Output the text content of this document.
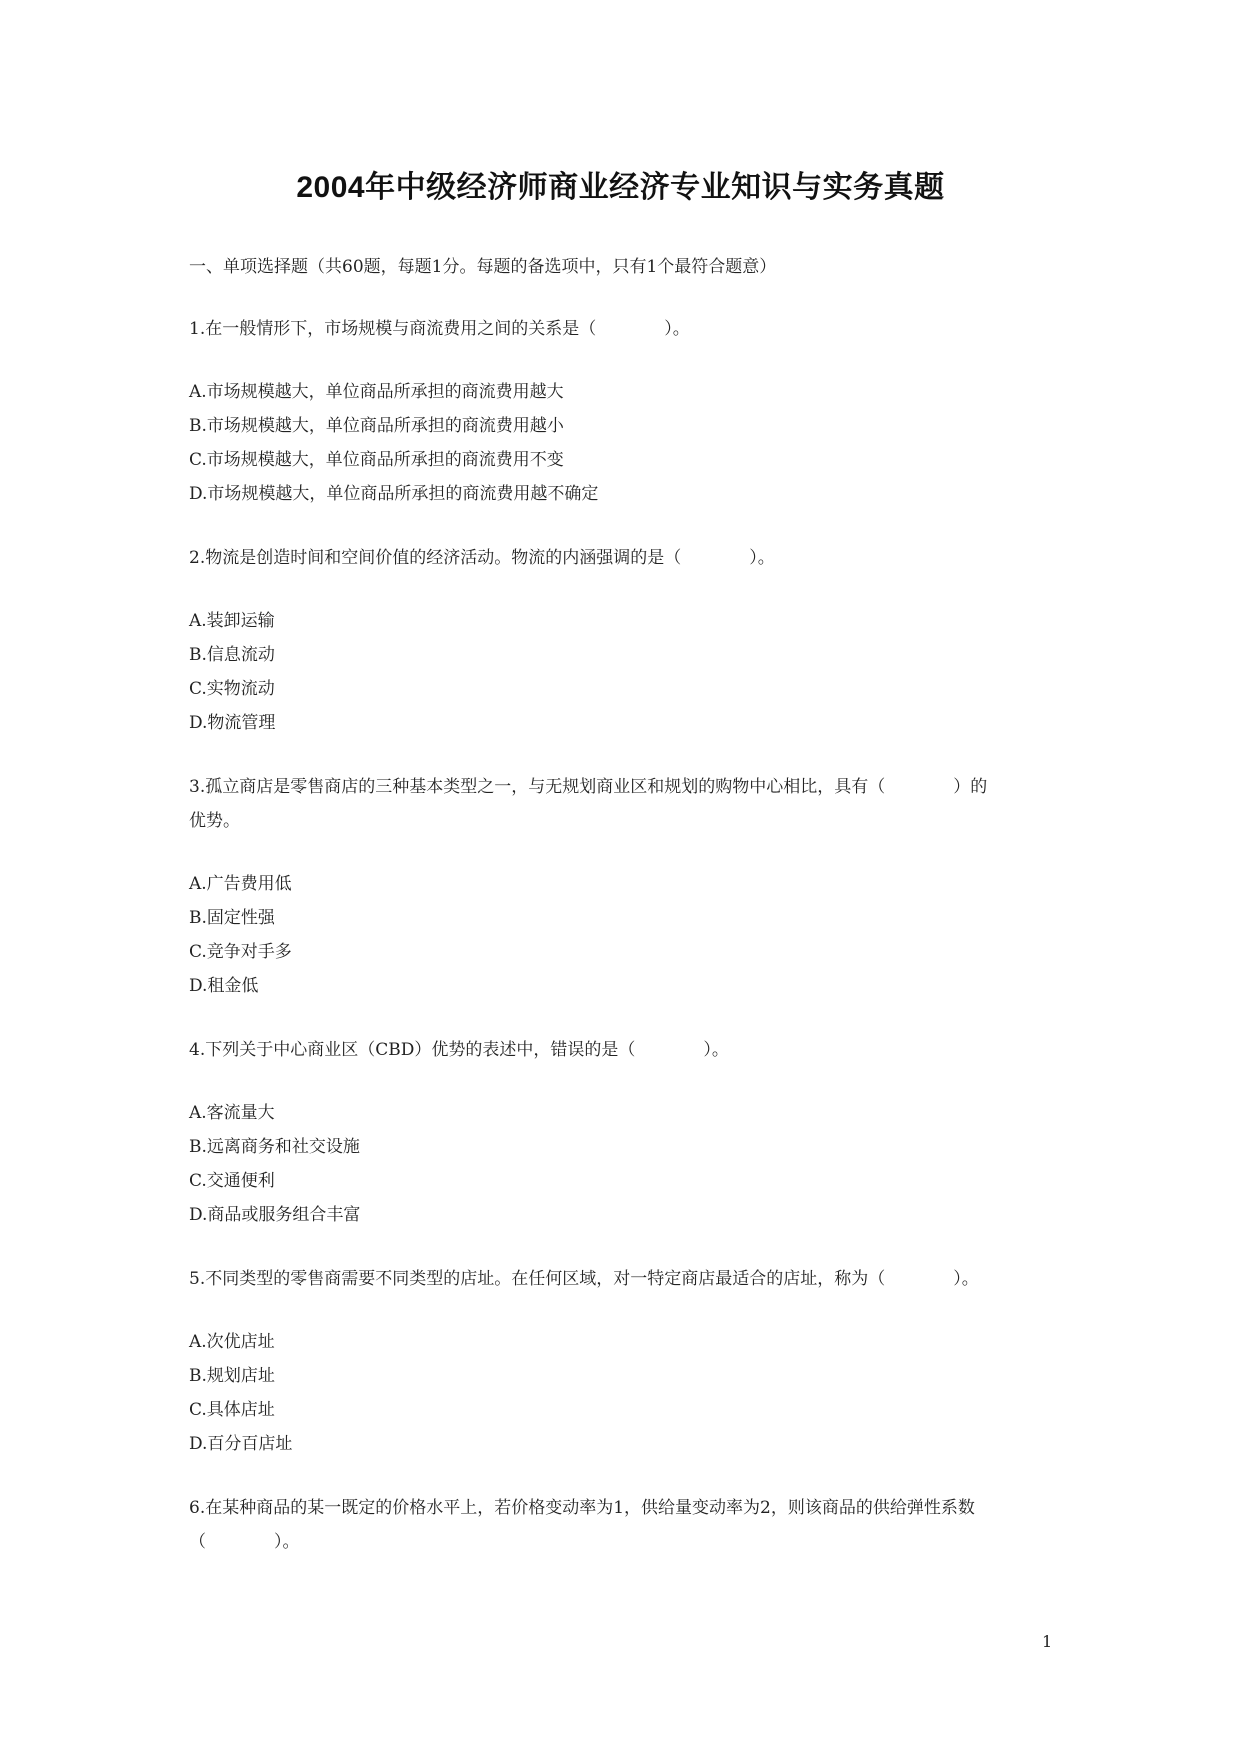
2004年中级经济师商业经济专业知识与实务真题
一、单项选择题（共60题，每题1分。每题的备选项中，只有1个最符合题意）
1.在一般情形下，市场规模与商流费用之间的关系是（　　　　）。
A.市场规模越大，单位商品所承担的商流费用越大
B.市场规模越大，单位商品所承担的商流费用越小
C.市场规模越大，单位商品所承担的商流费用不变
D.市场规模越大，单位商品所承担的商流费用越不确定
2.物流是创造时间和空间价值的经济活动。物流的内涵强调的是（　　　　）。
A.装卸运输
B.信息流动
C.实物流动
D.物流管理
3.孤立商店是零售商店的三种基本类型之一，与无规划商业区和规划的购物中心相比，具有（　　　　）的
优势。
A.广告费用低
B.固定性强
C.竞争对手多
D.租金低
4.下列关于中心商业区（CBD）优势的表述中，错误的是（　　　　）。
A.客流量大
B.远离商务和社交设施
C.交通便利
D.商品或服务组合丰富
5.不同类型的零售商需要不同类型的店址。在任何区域，对一特定商店最适合的店址，称为（　　　　）。
A.次优店址
B.规划店址
C.具体店址
D.百分百店址
6.在某种商品的某一既定的价格水平上，若价格变动率为1，供给量变动率为2，则该商品的供给弹性系数
（　　　　）。
1
